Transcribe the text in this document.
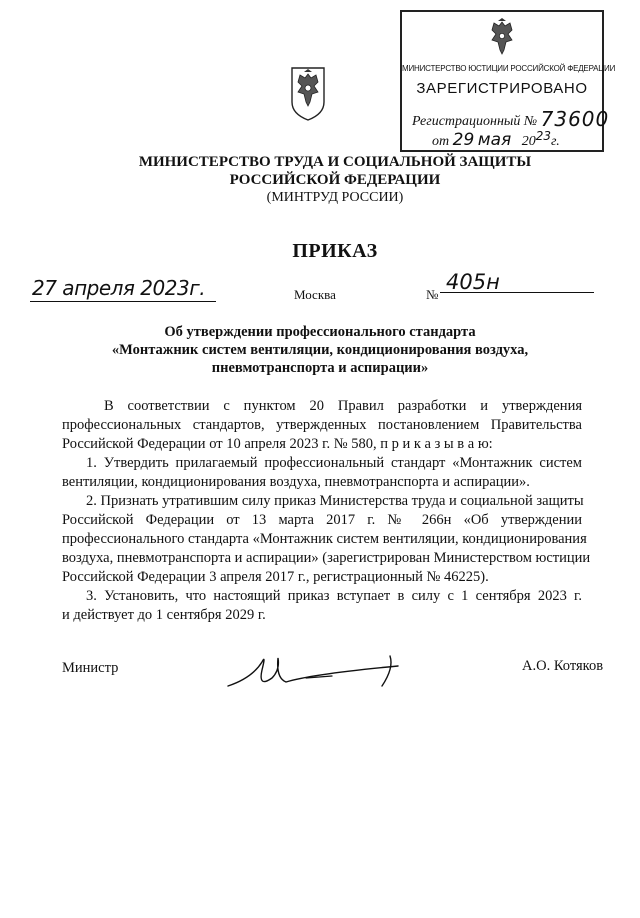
МИНИСТЕРСТВО ЮСТИЦИИ РОССИЙСКОЙ ФЕДЕРАЦИИ
ЗАРЕГИСТРИРОВАНО
Регистрационный № 73600
от 29 мая 2023г.
МИНИСТЕРСТВО ТРУДА И СОЦИАЛЬНОЙ ЗАЩИТЫ
РОССИЙСКОЙ ФЕДЕРАЦИИ
(МИНТРУД РОССИИ)
ПРИКАЗ
27 апреля 2023г.	Москва	№
405н
Об утверждении профессионального стандарта
«Монтажник систем вентиляции, кондиционирования воздуха,
пневмотранспорта и аспирации»
В соответствии с пунктом 20 Правил разработки и утверждения
профессиональных стандартов, утвержденных постановлением Правительства
Российской Федерации от 10 апреля 2023 г. № 580, п р и к а з ы в а ю:
1. Утвердить прилагаемый профессиональный стандарт «Монтажник систем
вентиляции, кондиционирования воздуха, пневмотранспорта и аспирации».
2. Признать утратившим силу приказ Министерства труда и социальной защиты
Российской Федерации от 13 марта 2017 г. № 266н «Об утверждении
профессионального стандарта «Монтажник систем вентиляции, кондиционирования
воздуха, пневмотранспорта и аспирации» (зарегистрирован Министерством юстиции
Российской Федерации 3 апреля 2017 г., регистрационный № 46225).
3. Установить, что настоящий приказ вступает в силу с 1 сентября 2023 г.
и действует до 1 сентября 2029 г.
Министр	А.О. Котяков
